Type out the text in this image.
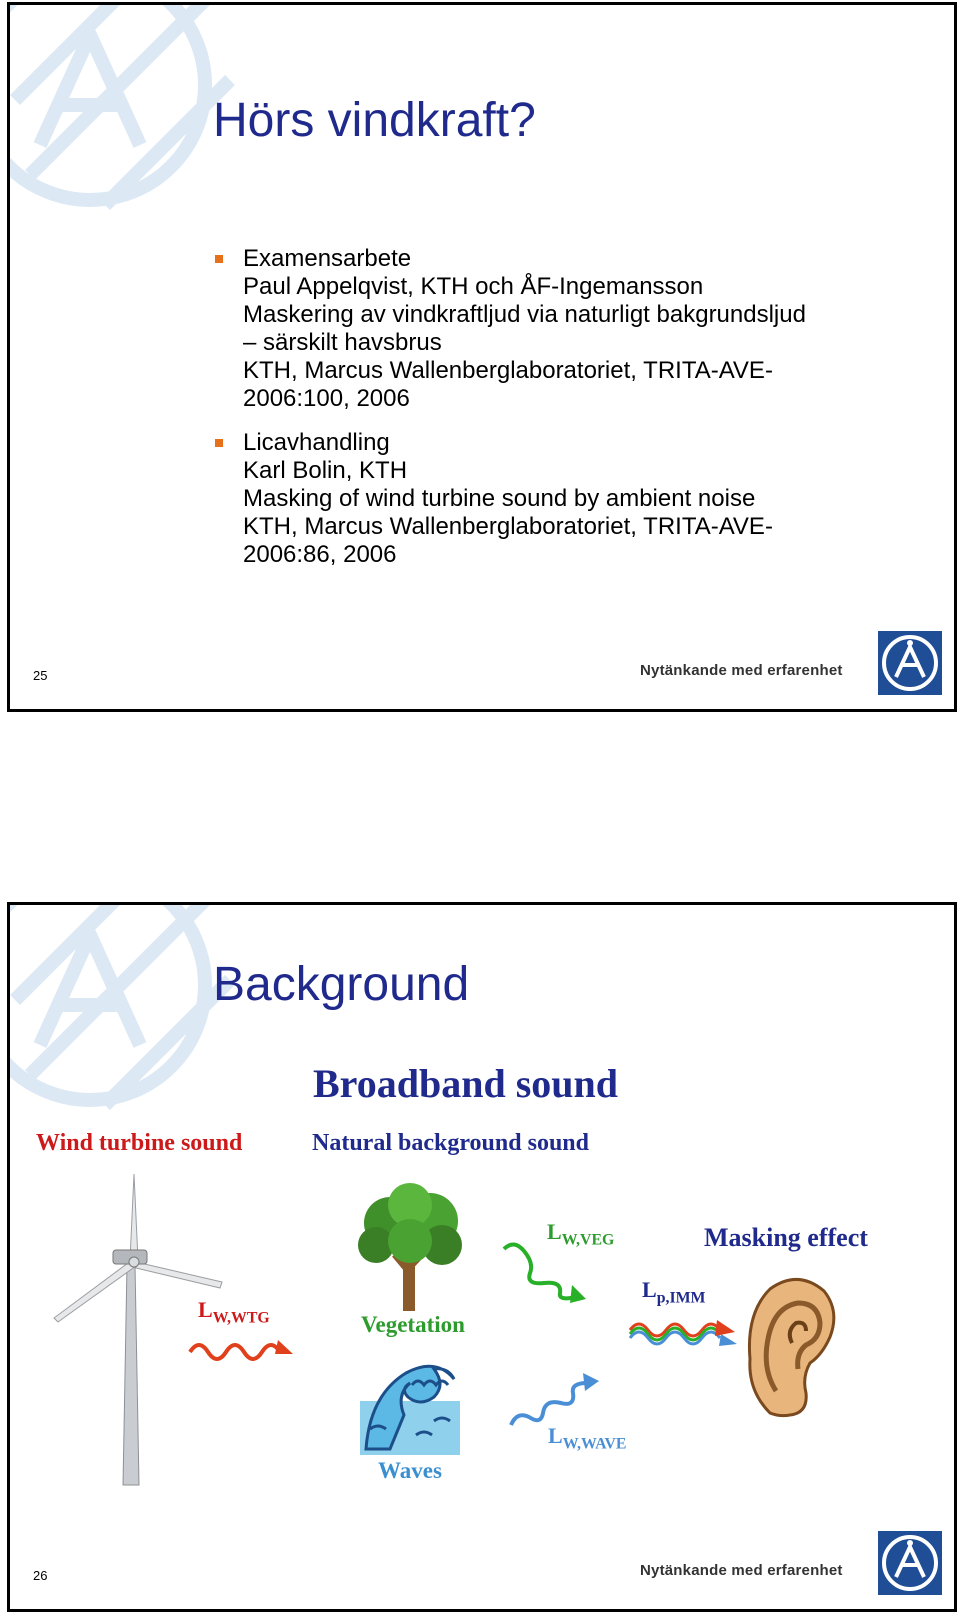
Hörs vindkraft?
Examensarbete
Paul Appelqvist, KTH och ÅF-Ingemansson
Maskering av vindkraftljud via naturligt bakgrundsljud
– särskilt havsbrus
KTH, Marcus Wallenberglaboratoriet, TRITA-AVE-
2006:100, 2006
Licavhandling
Karl Bolin, KTH
Masking of wind turbine sound by ambient noise
KTH, Marcus Wallenberglaboratoriet, TRITA-AVE-
2006:86, 2006
25	Nytänkande med erfarenhet
Background
Broadband sound
Wind turbine sound	Natural background sound
$L_{W,WTG}$	Vegetation
$L_{W,VEG}$
Waves
$L_{W,WAVE}$
$L_{p,IMM}$
Masking effect
26	Nytänkande med erfarenhet
